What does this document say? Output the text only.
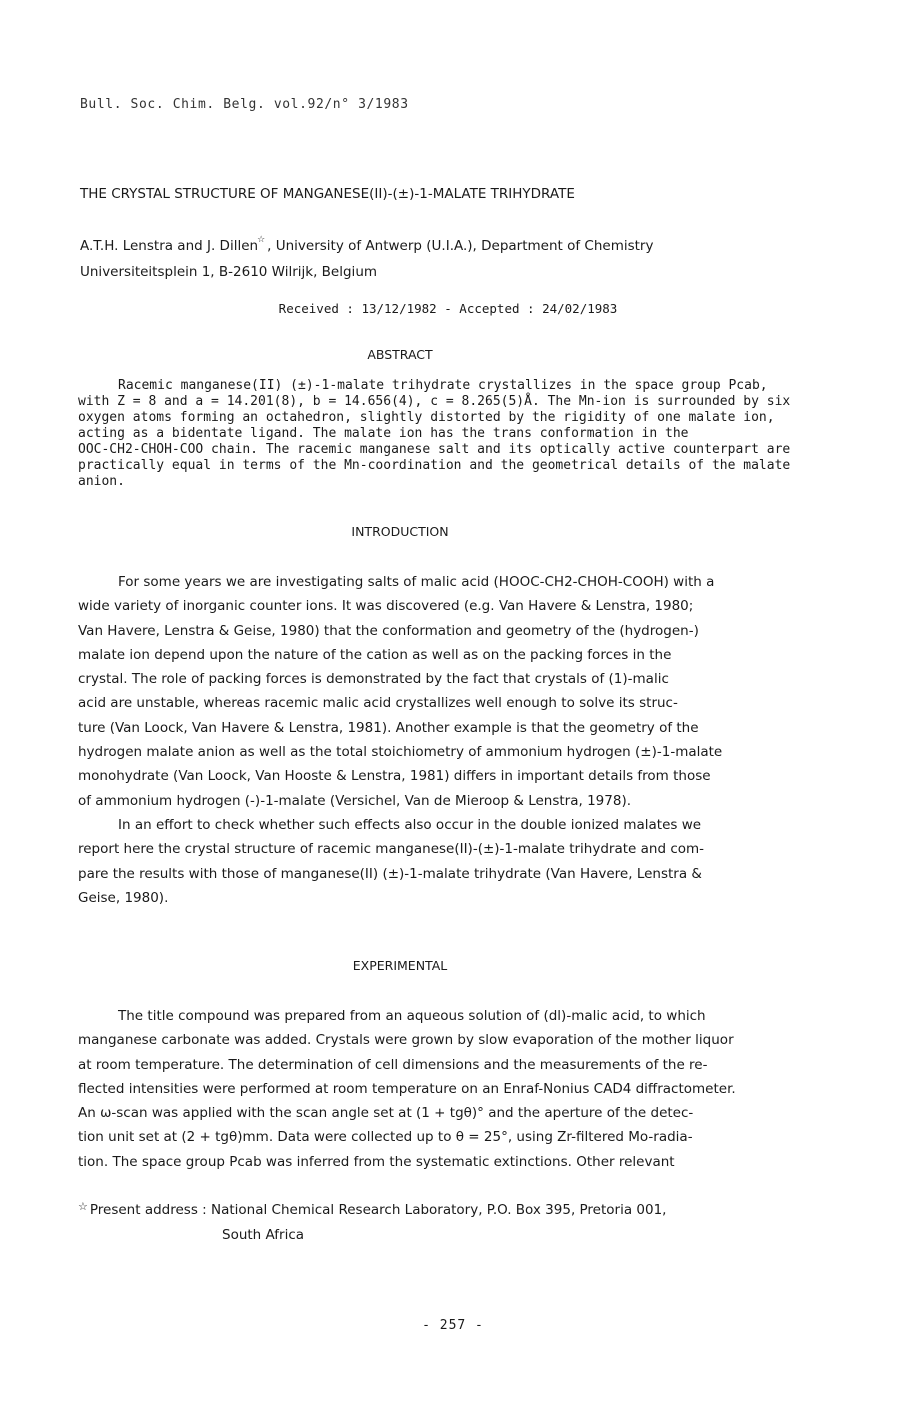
Bull. Soc. Chim. Belg. vol.92/n° 3/1983
THE CRYSTAL STRUCTURE OF MANGANESE(II)-(±)-1-MALATE TRIHYDRATE
A.T.H. Lenstra and J. Dillen☆ , University of Antwerp (U.I.A.), Department of Chemistry
Universiteitsplein 1, B-2610 Wilrijk, Belgium
Received : 13/12/1982 - Accepted : 24/02/1983
ABSTRACT
Racemic manganese(II) (±)-1-malate trihydrate crystallizes in the space group Pcab,
with Z = 8 and a = 14.201(8), b = 14.656(4), c = 8.265(5)Å. The Mn-ion is surrounded by six
oxygen atoms forming an octahedron, slightly distorted by the rigidity of one malate ion,
acting as a bidentate ligand. The malate ion has the trans conformation in the
OOC-CH2-CHOH-COO chain. The racemic manganese salt and its optically active counterpart are
practically equal in terms of the Mn-coordination and the geometrical details of the malate
anion.
INTRODUCTION
For some years we are investigating salts of malic acid (HOOC-CH2-CHOH-COOH) with a
wide variety of inorganic counter ions. It was discovered (e.g. Van Havere & Lenstra, 1980;
Van Havere, Lenstra & Geise, 1980) that the conformation and geometry of the (hydrogen-)
malate ion depend upon the nature of the cation as well as on the packing forces in the
crystal. The role of packing forces is demonstrated by the fact that crystals of (1)-malic
acid are unstable, whereas racemic malic acid crystallizes well enough to solve its struc-
ture (Van Loock, Van Havere & Lenstra, 1981). Another example is that the geometry of the
hydrogen malate anion as well as the total stoichiometry of ammonium hydrogen (±)-1-malate
monohydrate (Van Loock, Van Hooste & Lenstra, 1981) differs in important details from those
of ammonium hydrogen (-)-1-malate (Versichel, Van de Mieroop & Lenstra, 1978).
In an effort to check whether such effects also occur in the double ionized malates we
report here the crystal structure of racemic manganese(II)-(±)-1-malate trihydrate and com-
pare the results with those of manganese(II) (±)-1-malate trihydrate (Van Havere, Lenstra &
Geise, 1980).
EXPERIMENTAL
The title compound was prepared from an aqueous solution of (dl)-malic acid, to which
manganese carbonate was added. Crystals were grown by slow evaporation of the mother liquor
at room temperature. The determination of cell dimensions and the measurements of the re-
flected intensities were performed at room temperature on an Enraf-Nonius CAD4 diffractometer.
An ω-scan was applied with the scan angle set at (1 + tgθ)° and the aperture of the detec-
tion unit set at (2 + tgθ)mm. Data were collected up to θ = 25°, using Zr-filtered Mo-radia-
tion. The space group Pcab was inferred from the systematic extinctions. Other relevant
☆ Present address : National Chemical Research Laboratory, P.O. Box 395, Pretoria 001,
South Africa
- 257 -
